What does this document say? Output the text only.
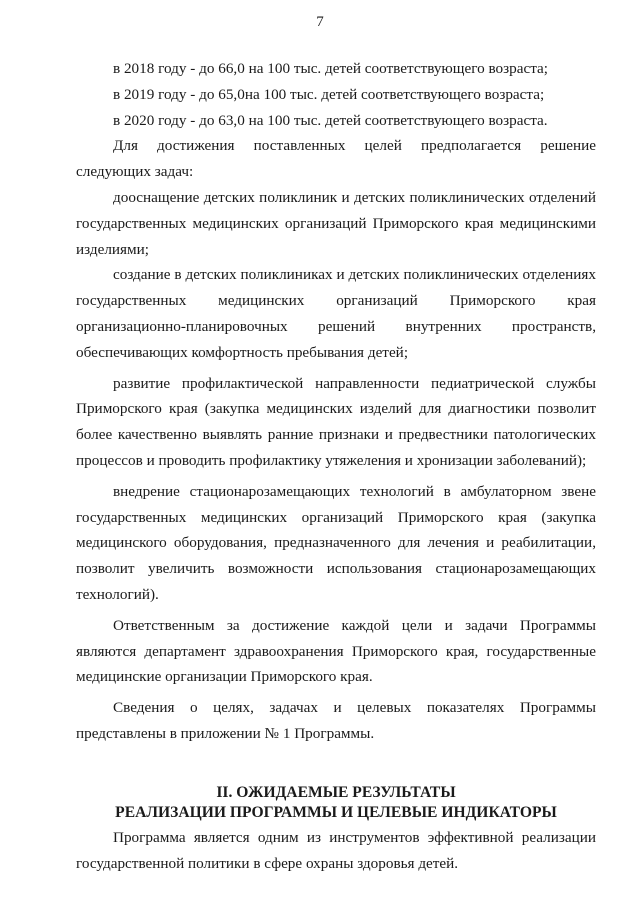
7

в 2018 году - до 66,0 на 100 тыс. детей соответствующего возраста;

в 2019 году - до 65,0на 100 тыс. детей соответствующего возраста;

в 2020 году - до 63,0 на 100 тыс. детей соответствующего возраста.

Для достижения поставленных целей предполагается решение следующих задач:

дооснащение детских поликлиник и детских поликлинических отделений государственных медицинских организаций Приморского края медицинскими изделиями;

создание в детских поликлиниках и детских поликлинических отделениях государственных медицинских организаций Приморского края организационно-планировочных решений внутренних пространств, обеспечивающих комфортность пребывания детей;

развитие профилактической направленности педиатрической службы Приморского края (закупка медицинских изделий для диагностики позволит более качественно выявлять ранние признаки и предвестники патологических процессов и проводить профилактику утяжеления и хронизации заболеваний);

внедрение стационарозамещающих технологий в амбулаторном звене государственных медицинских организаций Приморского края (закупка медицинского оборудования, предназначенного для лечения и реабилитации, позволит увеличить возможности использования стационарозамещающих технологий).

Ответственным за достижение каждой цели и задачи Программы являются департамент здравоохранения Приморского края, государственные медицинские организации Приморского края.

Сведения о целях, задачах и целевых показателях Программы представлены в приложении № 1 Программы.

II. ОЖИДАЕМЫЕ РЕЗУЛЬТАТЫ
РЕАЛИЗАЦИИ ПРОГРАММЫ И ЦЕЛЕВЫЕ ИНДИКАТОРЫ

Программа является одним из инструментов эффективной реализации государственной политики в сфере охраны здоровья детей.
